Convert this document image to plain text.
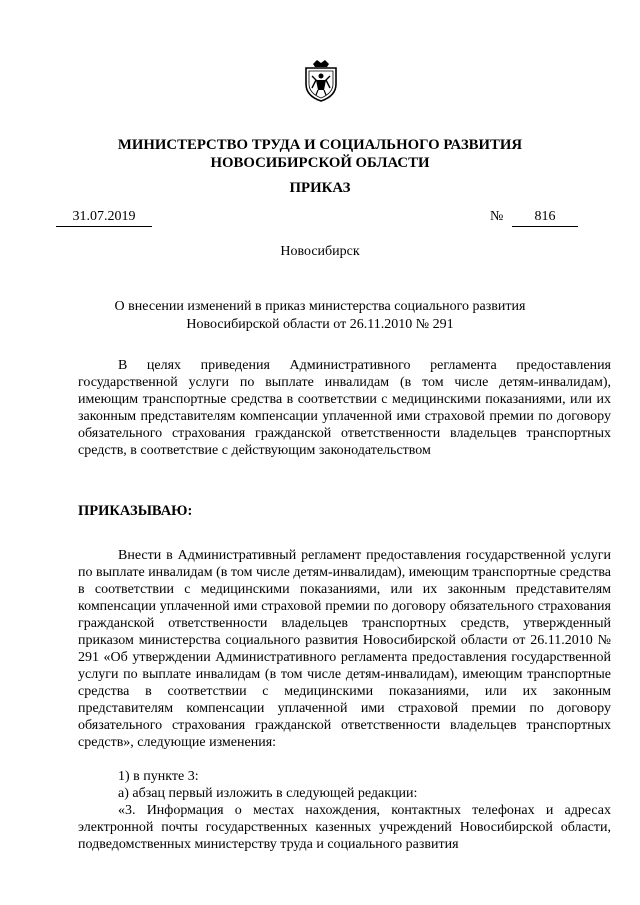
МИНИСТЕРСТВО ТРУДА И СОЦИАЛЬНОГО РАЗВИТИЯ
НОВОСИБИРСКОЙ ОБЛАСТИ
ПРИКАЗ
31.07.2019	№	816
Новосибирск
О внесении изменений в приказ министерства социального развития
Новосибирской области от 26.11.2010 № 291
В целях приведения Административного регламента предоставления государственной услуги по выплате инвалидам (в том числе детям-инвалидам), имеющим транспортные средства в соответствии с медицинскими показаниями, или их законным представителям компенсации уплаченной ими страховой премии по договору обязательного страхования гражданской ответственности владельцев транспортных средств, в соответствие с действующим законодательством
ПРИКАЗЫВАЮ:
Внести в Административный регламент предоставления государственной услуги по выплате инвалидам (в том числе детям-инвалидам), имеющим транспортные средства в соответствии с медицинскими показаниями, или их законным представителям компенсации уплаченной ими страховой премии по договору обязательного страхования гражданской ответственности владельцев транспортных средств, утвержденный приказом министерства социального развития Новосибирской области от 26.11.2010 № 291 «Об утверждении Административного регламента предоставления государственной услуги по выплате инвалидам (в том числе детям-инвалидам), имеющим транспортные средства в соответствии с медицинскими показаниями, или их законным представителям компенсации уплаченной ими страховой премии по договору обязательного страхования гражданской ответственности владельцев транспортных средств», следующие изменения:
1) в пункте 3:
а) абзац первый изложить в следующей редакции:
«3. Информация о местах нахождения, контактных телефонах и адресах электронной почты государственных казенных учреждений Новосибирской области, подведомственных министерству труда и социального развития
